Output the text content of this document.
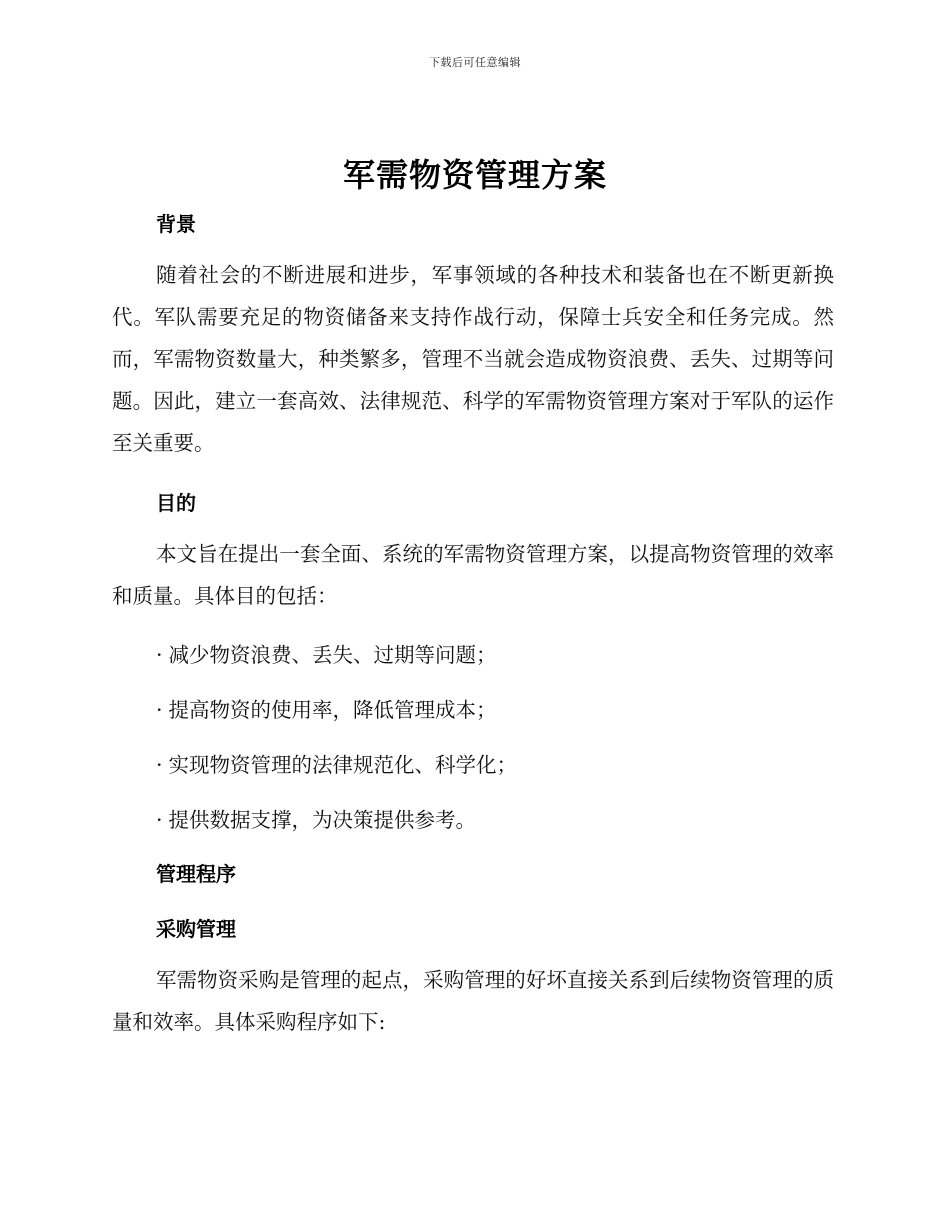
下载后可任意编辑
军需物资管理方案
背景
随着社会的不断进展和进步，军事领域的各种技术和装备也在不断更新换代。军队需要充足的物资储备来支持作战行动，保障士兵安全和任务完成。然而，军需物资数量大，种类繁多，管理不当就会造成物资浪费、丢失、过期等问题。因此，建立一套高效、法律规范、科学的军需物资管理方案对于军队的运作至关重要。
目的
本文旨在提出一套全面、系统的军需物资管理方案，以提高物资管理的效率和质量。具体目的包括：
· 减少物资浪费、丢失、过期等问题；
· 提高物资的使用率，降低管理成本；
· 实现物资管理的法律规范化、科学化；
· 提供数据支撑，为决策提供参考。
管理程序
采购管理
军需物资采购是管理的起点，采购管理的好坏直接关系到后续物资管理的质量和效率。具体采购程序如下:
